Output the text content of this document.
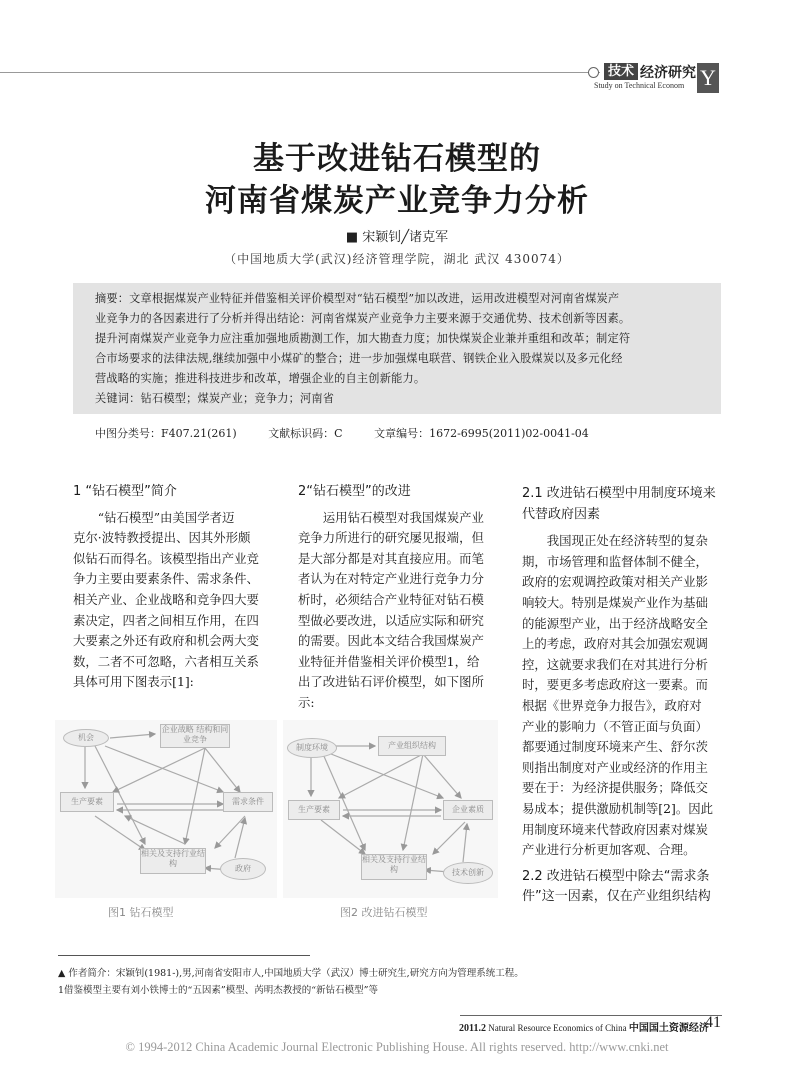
技术 经济研究
Study on Technical Econom Y
基于改进钻石模型的
河南省煤炭产业竞争力分析
■ 宋颖钊╱诸克军
（中国地质大学(武汉)经济管理学院，湖北 武汉 430074）
摘要：文章根据煤炭产业特征并借鉴相关评价模型对“钻石模型”加以改进，运用改进模型对河南省煤炭产
业竞争力的各因素进行了分析并得出结论：河南省煤炭产业竞争力主要来源于交通优势、技术创新等因素。
提升河南煤炭产业竞争力应注重加强地质勘测工作，加大勘查力度；加快煤炭企业兼并重组和改革；制定符
合市场要求的法律法规,继续加强中小煤矿的整合；进一步加强煤电联营、钢铁企业入股煤炭以及多元化经
营战略的实施；推进科技进步和改革，增强企业的自主创新能力。
关键词：钻石模型；煤炭产业；竞争力；河南省
中图分类号：F407.21(261)	文献标识码：C	文章编号：1672-6995(2011)02-0041-04

1 “钻石模型”简介

“钻石模型”由美国学者迈

克尔·波特教授提出、因其外形颇

似钻石而得名。该模型指出产业竞

争力主要由要素条件、需求条件、

相关产业、企业战略和竞争四大要

素决定，四者之间相互作用，在四

大要素之外还有政府和机会两大变

数，二者不可忽略，六者相互关系

具体可用下图表示[1]:

2“钻石模型”的改进

运用钻石模型对我国煤炭产业

竞争力所进行的研究屡见报端，但

是大部分都是对其直接应用。而笔

者认为在对特定产业进行竞争力分

析时，必须结合产业特征对钻石模

型做必要改进，以适应实际和研究

的需要。因此本文结合我国煤炭产

业特征并借鉴相关评价模型1，给

出了改进钻石评价模型，如下图所

示:

2.1 改进钻石模型中用制度环境来

代替政府因素

我国现正处在经济转型的复杂

期，市场管理和监督体制不健全，

政府的宏观调控政策对相关产业影

响较大。特别是煤炭产业作为基础

的能源型产业，出于经济战略安全

上的考虑，政府对其会加强宏观调

控，这就要求我们在对其进行分析

时，要更多考虑政府这一要素。而

根据《世界竞争力报告》，政府对

产业的影响力（不管正面与负面）

都要通过制度环境来产生、舒尔茨

则指出制度对产业或经济的作用主

要在于：为经济提供服务；降低交

易成本；提供激励机制等[2]。因此

用制度环境来代替政府因素对煤炭

产业进行分析更加客观、合理。

2.2 改进钻石模型中除去“需求条

件”这一因素，仅在产业组织结构

机会
企业战略 结构和同业竞争
生产要素	需求条件
相关及支持行业结构
政府
图1 钻石模型
制度环境	产业组织结构
生产要素	企业素质
相关及支持行业结构	技术创新
图2 改进钻石模型
▲ 作者简介：宋颖钊(1981-),男,河南省安阳市人,中国地质大学（武汉）博士研究生,研究方向为管理系统工程。
1借鉴模型主要有刘小铁博士的“五因素”模型、芮明杰教授的“新钻石模型”等
2011.2 Natural Resource Economics of China 中国国土资源经济
41
© 1994-2012 China Academic Journal Electronic Publishing House. All rights reserved. http://www.cnki.net
